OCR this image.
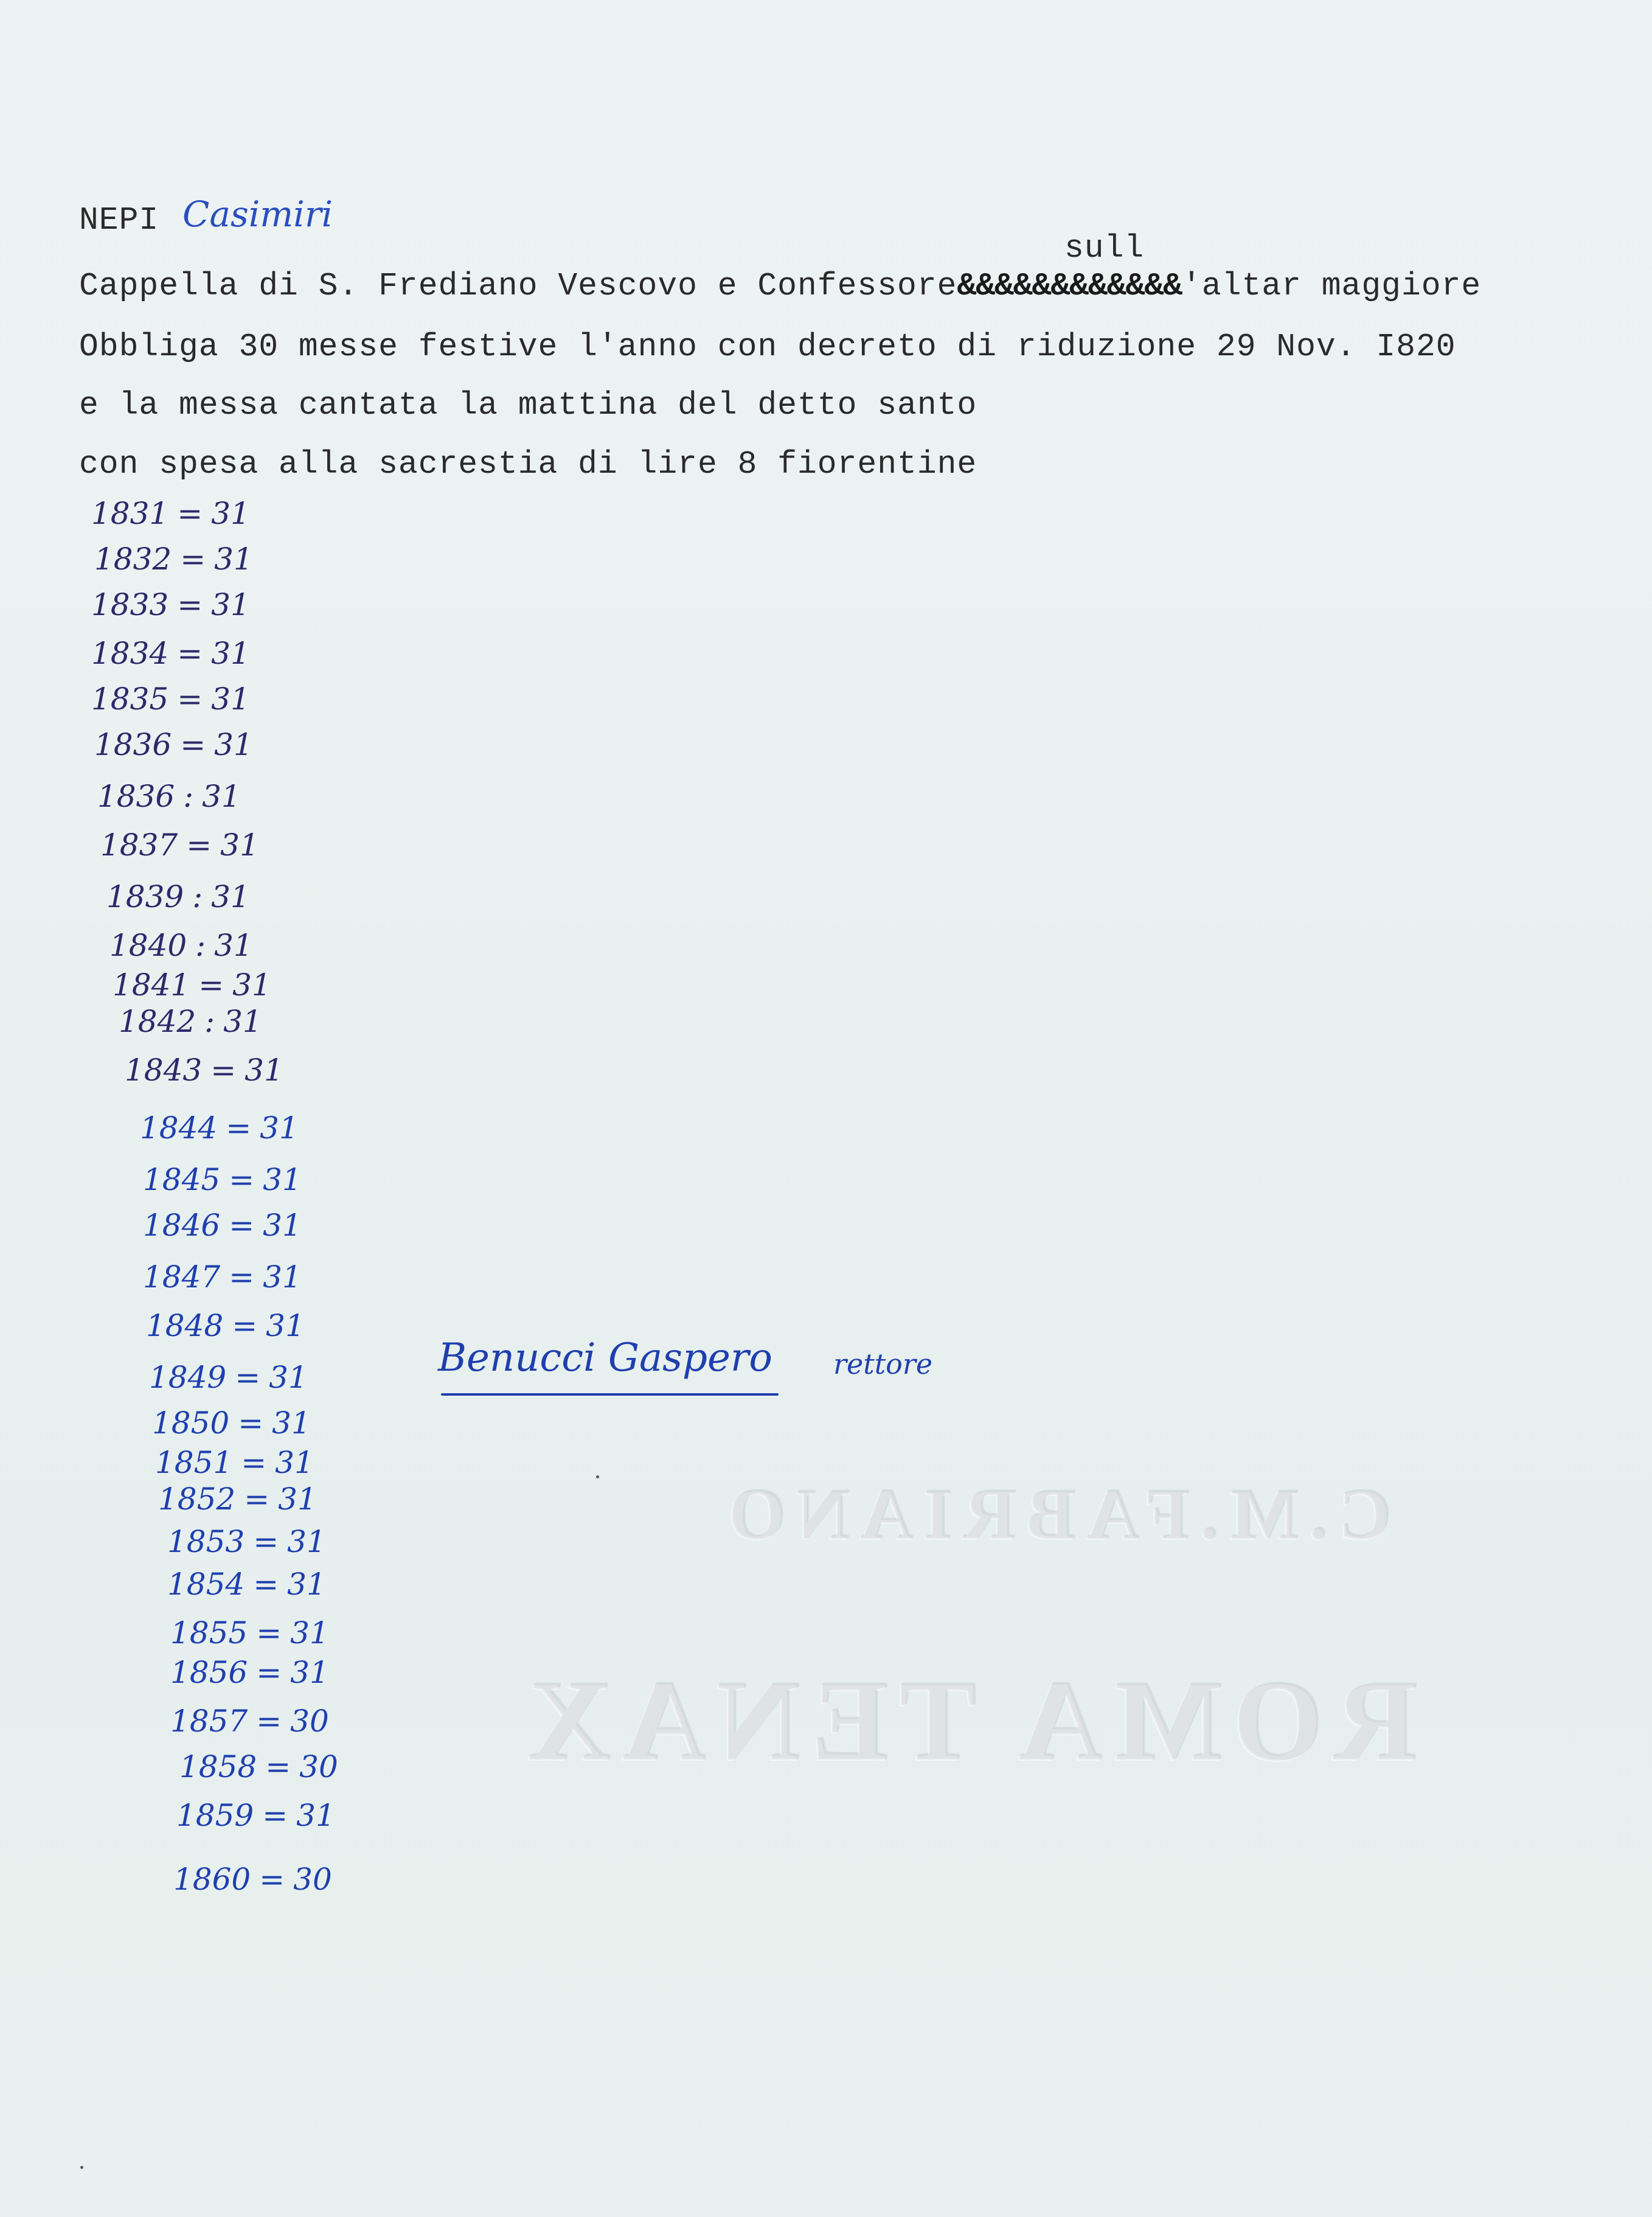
C.M.FABRIANO
ROMA TENAX
NEPI Casimiri
sull
Cappella di S. Frediano Vescovo e Confessore&&&&&&&&&&&&'altar maggiore
Obbliga 30 messe festive l'anno con decreto di riduzione 29 Nov. I820
e la messa cantata la mattina del detto santo
con spesa alla sacrestia di lire 8 fiorentine
1831 = 31
1832 = 31
1833 = 31
1834 = 31
1835 = 31
1836 = 31
1836 : 31
1837 = 31
1839 : 31
1840 : 31
1841 = 31
1842 : 31
1843 = 31
1844 = 31
1845 = 31
1846 = 31
1847 = 31
1848 = 31
1849 = 31
1850 = 31
1851 = 31
1852 = 31
1853 = 31
1854 = 31
1855 = 31
1856 = 31
1857 = 30
1858 = 30
1859 = 31
1860 = 30
Benucci Gaspero rettore
